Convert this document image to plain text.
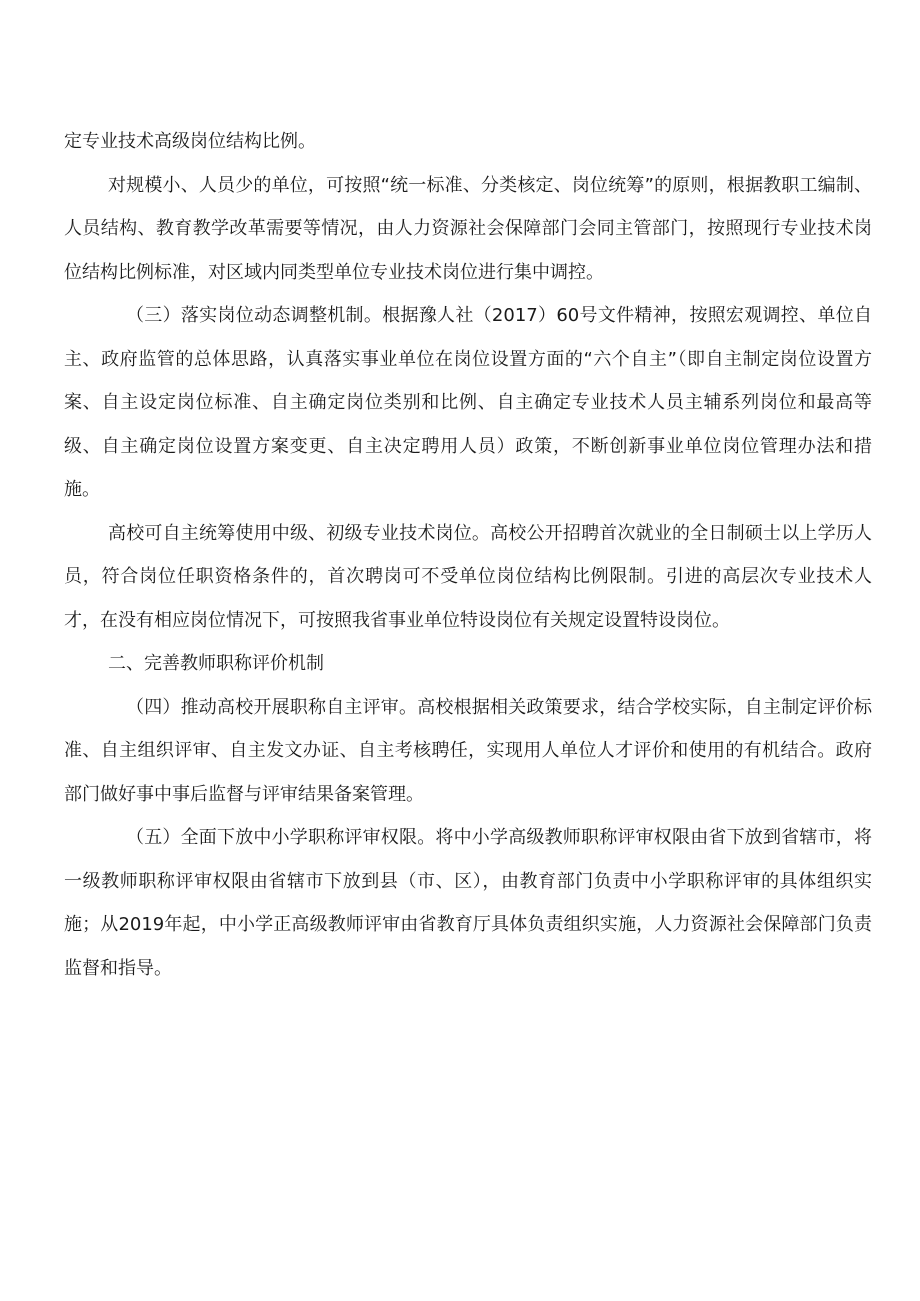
定专业技术高级岗位结构比例。

对规模小、人员少的单位，可按照“统一标准、分类核定、岗位统筹”的原则，根据教职工编制、人员结构、教育教学改革需要等情况，由人力资源社会保障部门会同主管部门，按照现行专业技术岗位结构比例标准，对区域内同类型单位专业技术岗位进行集中调控。

（三）落实岗位动态调整机制。根据豫人社（2017）60号文件精神，按照宏观调控、单位自主、政府监管的总体思路，认真落实事业单位在岗位设置方面的“六个自主”（即自主制定岗位设置方案、自主设定岗位标准、自主确定岗位类别和比例、自主确定专业技术人员主辅系列岗位和最高等级、自主确定岗位设置方案变更、自主决定聘用人员）政策，不断创新事业单位岗位管理办法和措施。

高校可自主统筹使用中级、初级专业技术岗位。高校公开招聘首次就业的全日制硕士以上学历人员，符合岗位任职资格条件的，首次聘岗可不受单位岗位结构比例限制。引进的高层次专业技术人才，在没有相应岗位情况下，可按照我省事业单位特设岗位有关规定设置特设岗位。

二、完善教师职称评价机制

（四）推动高校开展职称自主评审。高校根据相关政策要求，结合学校实际，自主制定评价标准、自主组织评审、自主发文办证、自主考核聘任，实现用人单位人才评价和使用的有机结合。政府部门做好事中事后监督与评审结果备案管理。

（五）全面下放中小学职称评审权限。将中小学高级教师职称评审权限由省下放到省辖市，将一级教师职称评审权限由省辖市下放到县（市、区），由教育部门负责中小学职称评审的具体组织实施；从2019年起，中小学正高级教师评审由省教育厅具体负责组织实施，人力资源社会保障部门负责监督和指导。
